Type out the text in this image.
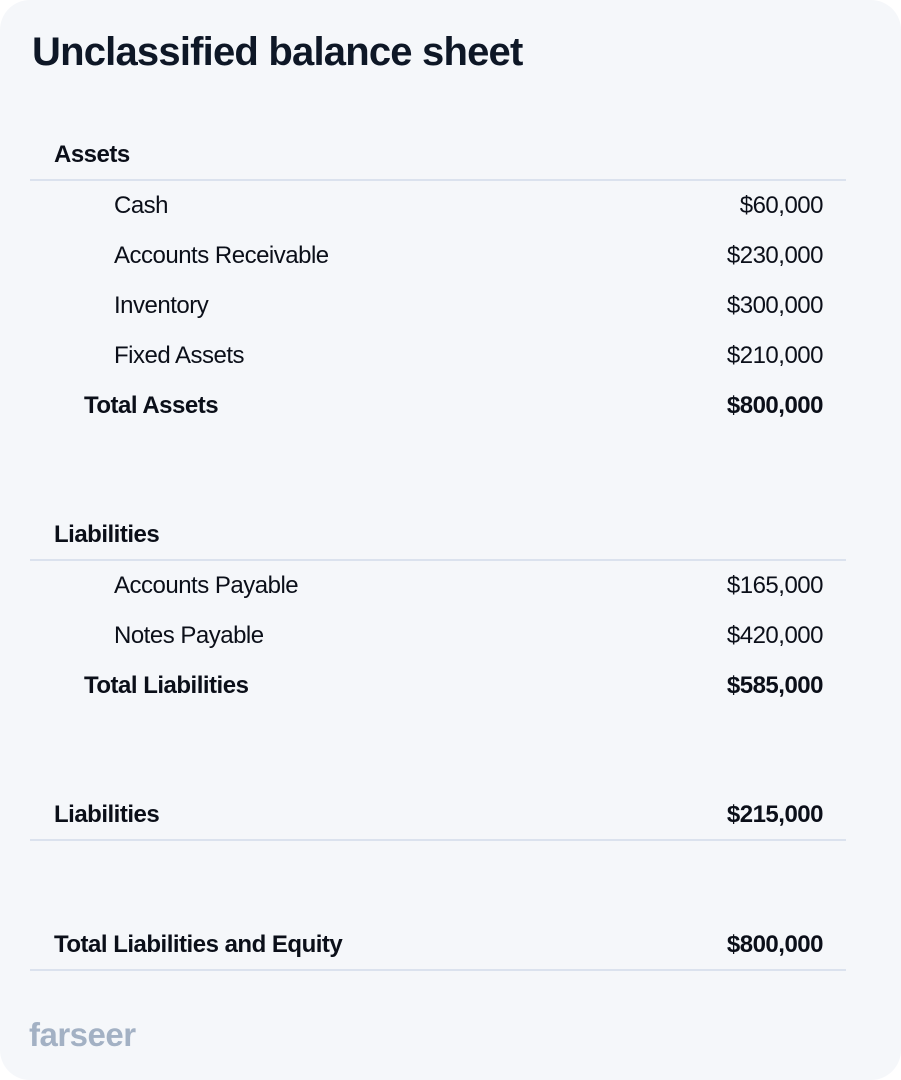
Unclassified balance sheet
Assets
Cash	$60,000
Accounts Receivable	$230,000
Inventory	$300,000
Fixed Assets	$210,000
Total Assets	$800,000
Liabilities
Accounts Payable	$165,000
Notes Payable	$420,000
Total Liabilities	$585,000
Liabilities	$215,000
Total Liabilities and Equity	$800,000
farseer
